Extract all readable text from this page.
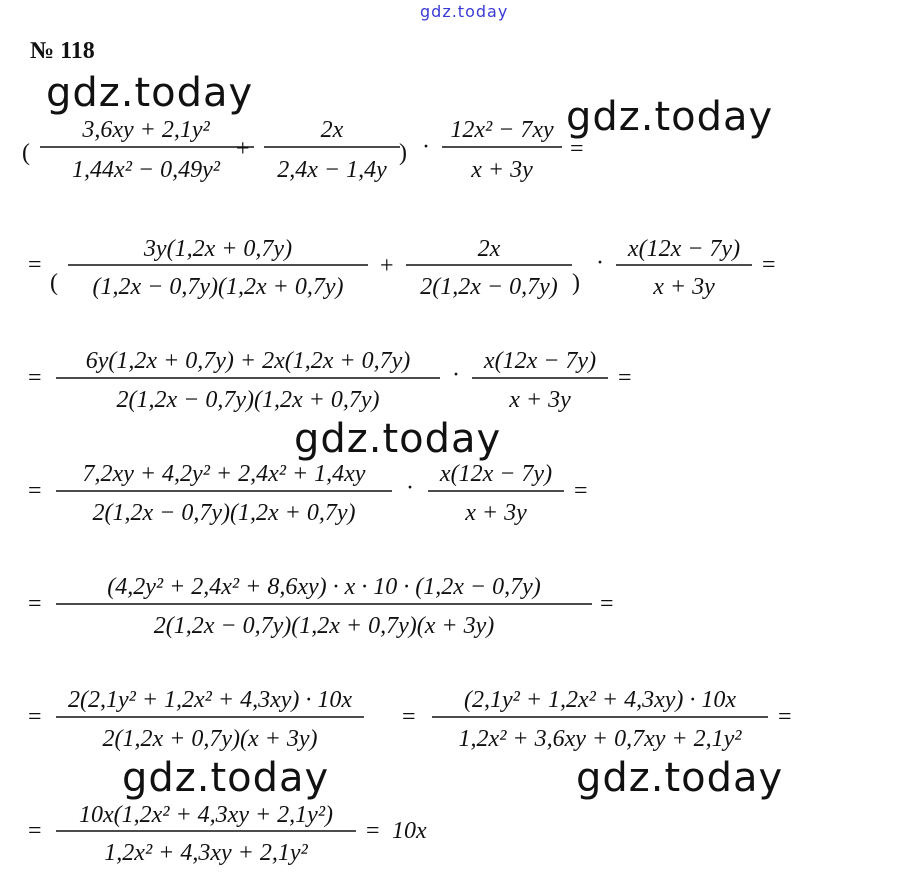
gdz.today
№ 118
gdz.today
gdz.today
gdz.today
gdz.today	gdz.today
(
3,6xy + 2,1y²
1,44x² − 0,49y²
+
2x
2,4x − 1,4y
) ·
12x² − 7xy
x + 3y
=
=
(
3y(1,2x + 0,7y)
(1,2x − 0,7y)(1,2x + 0,7y)
+
2x
2(1,2x − 0,7y) )
·
x(12x − 7y)
x + 3y
=
=
6y(1,2x + 0,7y) + 2x(1,2x + 0,7y)
2(1,2x − 0,7y)(1,2x + 0,7y)
·
x(12x − 7y)
x + 3y
=
=
7,2xy + 4,2y² + 2,4x² + 1,4xy
2(1,2x − 0,7y)(1,2x + 0,7y)
·
x(12x − 7y)
x + 3y
=
=
(4,2y² + 2,4x² + 8,6xy) · x · 10 · (1,2x − 0,7y)
2(1,2x − 0,7y)(1,2x + 0,7y)(x + 3y)
=
=
2(2,1y² + 1,2x² + 4,3xy) · 10x
2(1,2x + 0,7y)(x + 3y)
=
(2,1y² + 1,2x² + 4,3xy) · 10x
1,2x² + 3,6xy + 0,7xy + 2,1y²
=
=
10x(1,2x² + 4,3xy + 2,1y²)
1,2x² + 4,3xy + 2,1y²
= 10x
